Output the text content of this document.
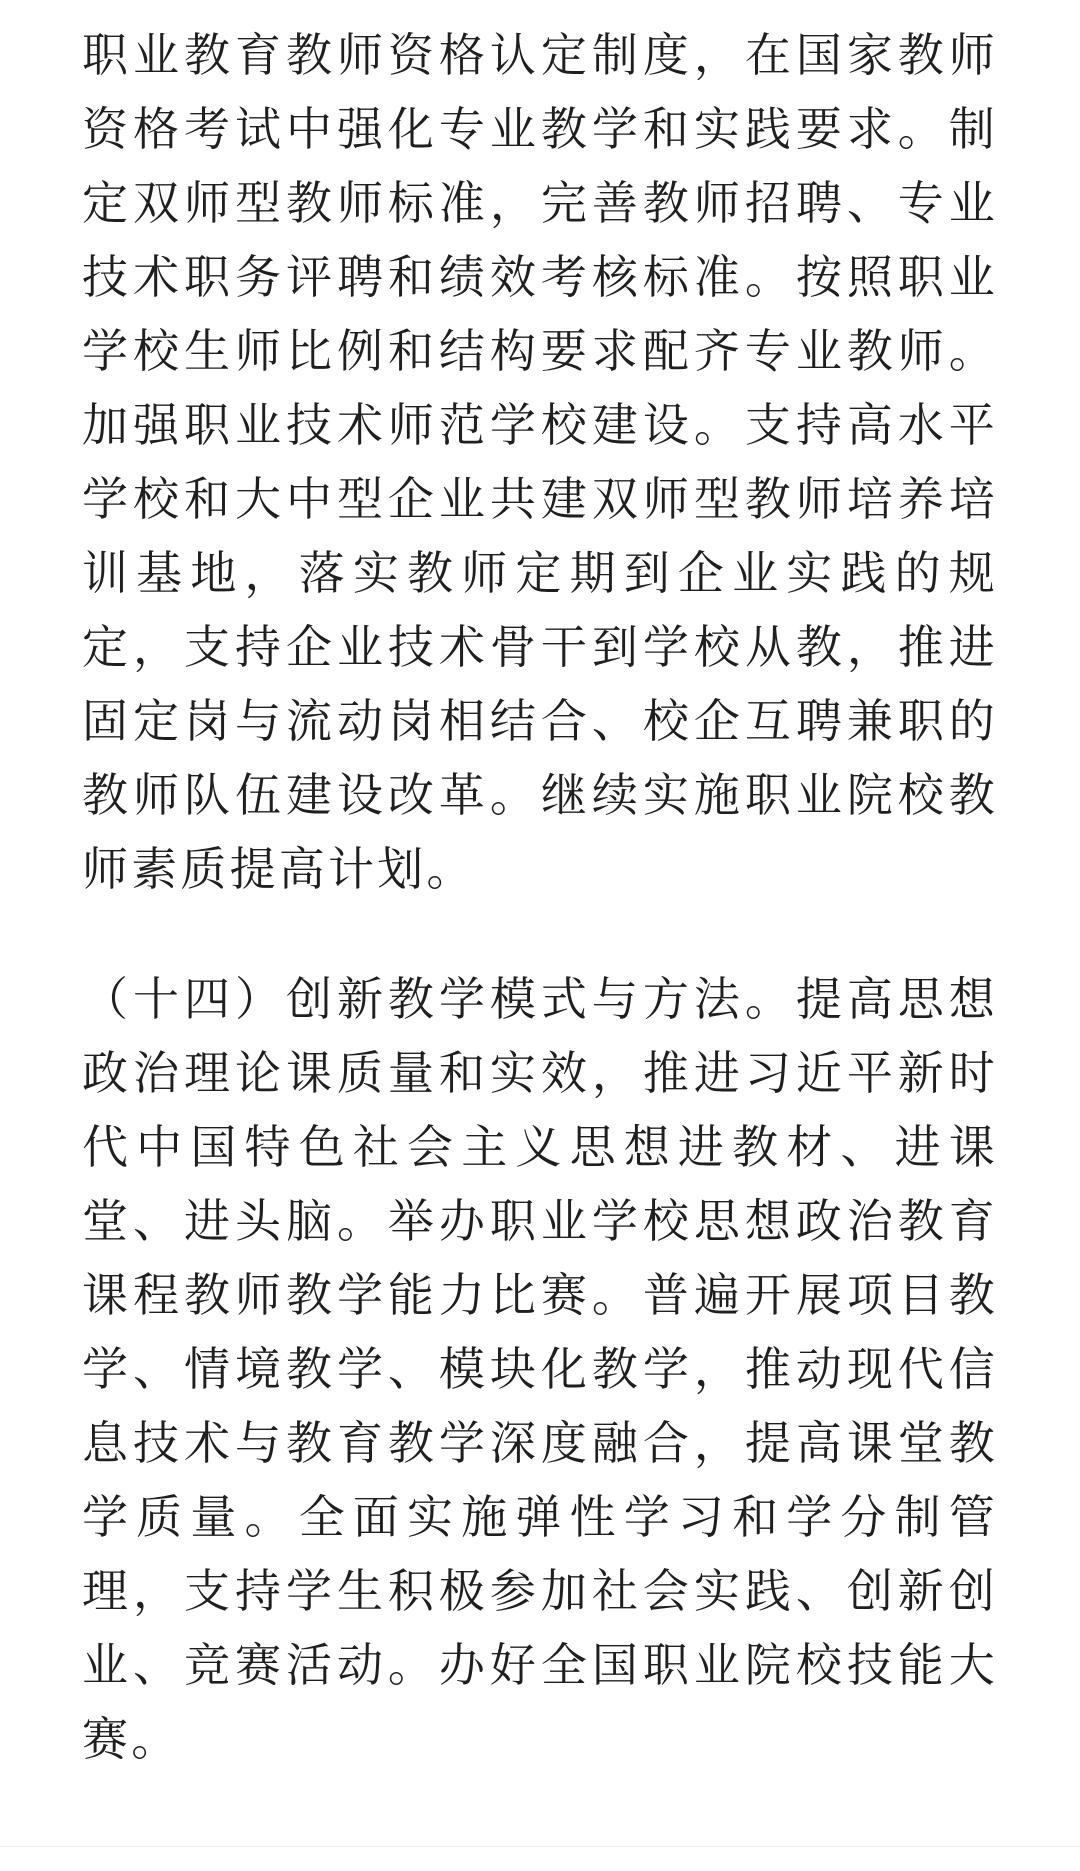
职业教育教师资格认定制度，在国家教师资格考试中强化专业教学和实践要求。制定双师型教师标准，完善教师招聘、专业技术职务评聘和绩效考核标准。按照职业学校生师比例和结构要求配齐专业教师。加强职业技术师范学校建设。支持高水平学校和大中型企业共建双师型教师培养培训基地，落实教师定期到企业实践的规定，支持企业技术骨干到学校从教，推进固定岗与流动岗相结合、校企互聘兼职的教师队伍建设改革。继续实施职业院校教师素质提高计划。

（十四）创新教学模式与方法。提高思想政治理论课质量和实效，推进习近平新时代中国特色社会主义思想进教材、进课堂、进头脑。举办职业学校思想政治教育课程教师教学能力比赛。普遍开展项目教学、情境教学、模块化教学，推动现代信息技术与教育教学深度融合，提高课堂教学质量。全面实施弹性学习和学分制管理，支持学生积极参加社会实践、创新创业、竞赛活动。办好全国职业院校技能大赛。
